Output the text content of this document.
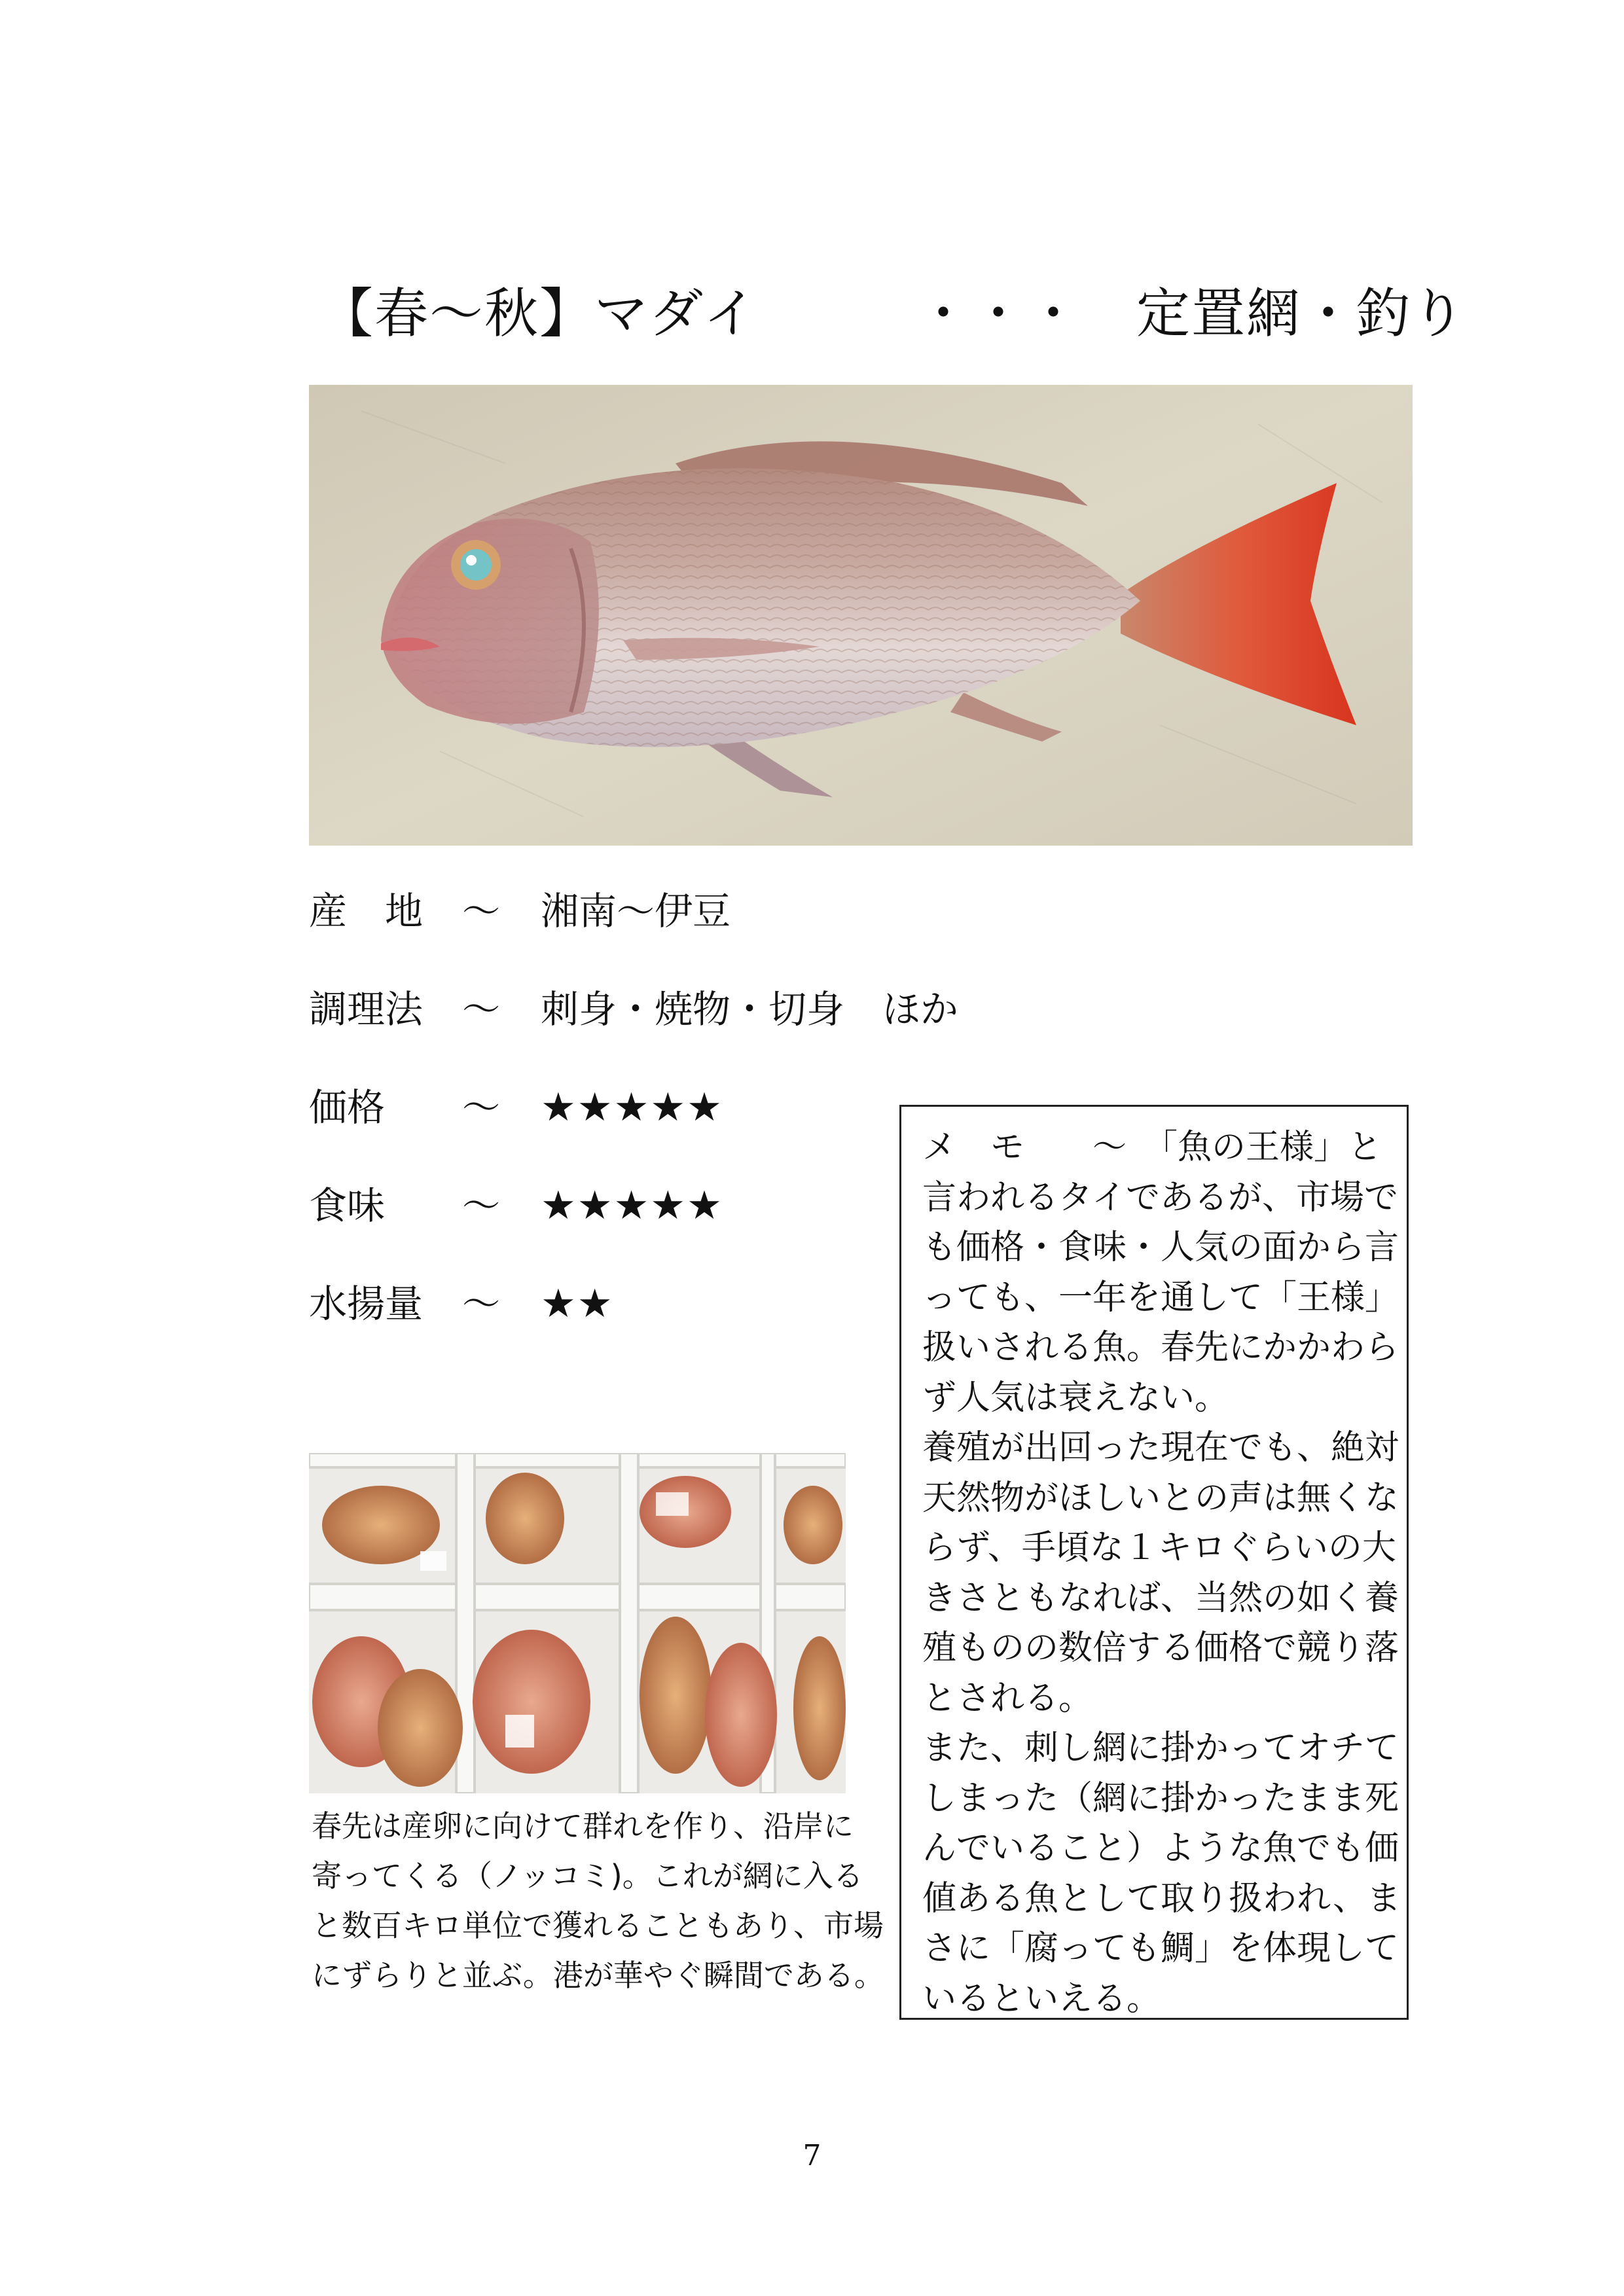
【春～秋】マダイ	・・・　定置網・釣り
産　地 ～ 湘南～伊豆
調理法 ～ 刺身・焼物・切身　ほか
価格 ～ ★★★★★
食味 ～ ★★★★★
水揚量 ～ ★★
春先は産卵に向けて群れを作り、沿岸に
寄ってくる（ノッコミ)。これが網に入る
と数百キロ単位で獲れることもあり、市場
にずらりと並ぶ。港が華やぐ瞬間である。
メ　モ　　～　「魚の王様」と
言われるタイであるが、市場で
も価格・食味・人気の面から言
っても、一年を通して「王様」
扱いされる魚。春先にかかわら
ず人気は衰えない。
養殖が出回った現在でも、絶対
天然物がほしいとの声は無くな
らず、手頃な１キロぐらいの大
きさともなれば、当然の如く養
殖ものの数倍する価格で競り落
とされる。
また、刺し網に掛かってオチて
しまった（網に掛かったまま死
んでいること）ような魚でも価
値ある魚として取り扱われ、ま
さに「腐っても鯛」を体現して
いるといえる。
7
